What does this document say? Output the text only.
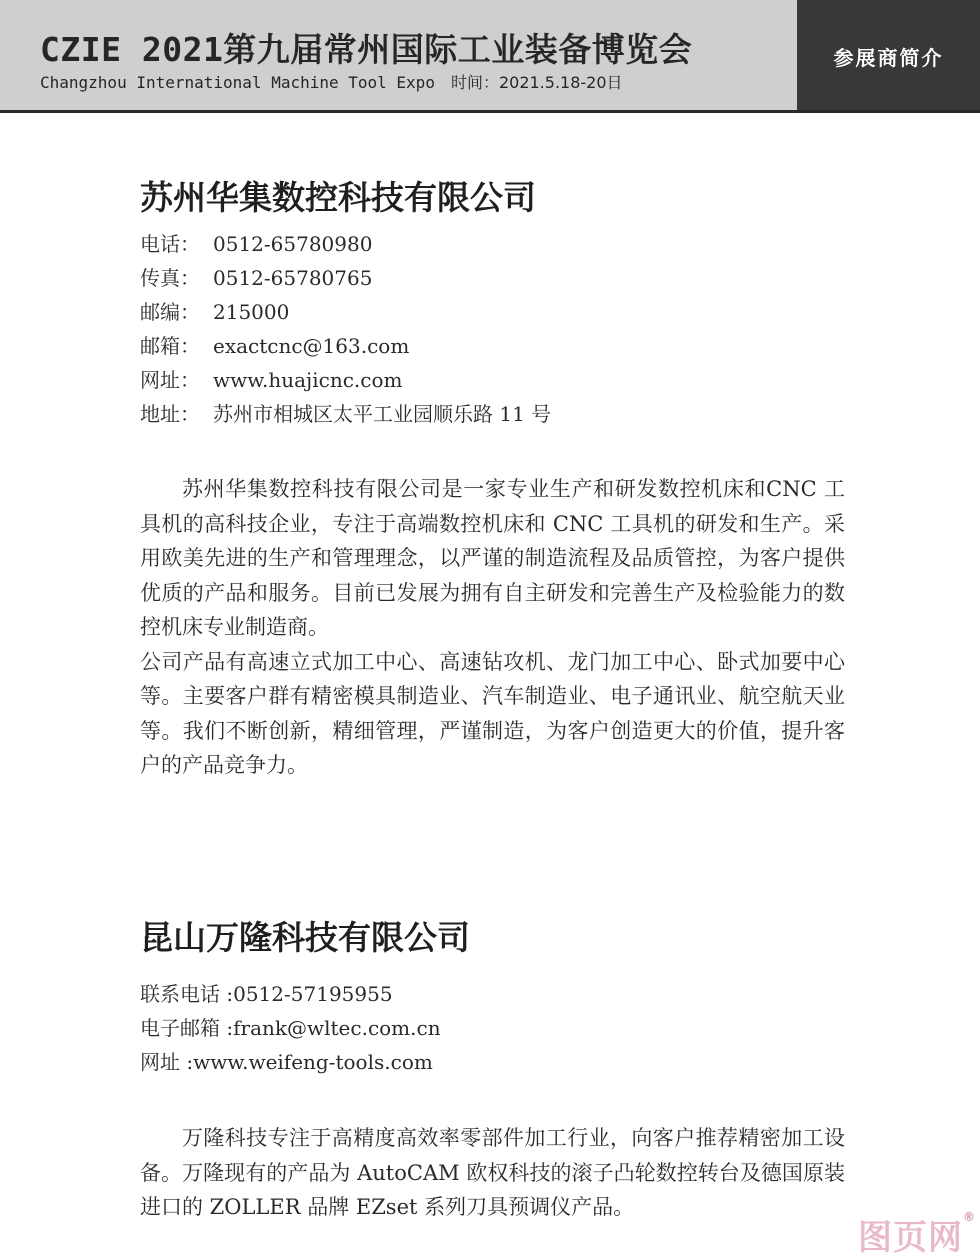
CZIE 2021第九届常州国际工业装备博览会
Changzhou International Machine Tool Expo 时间：2021.5.18-20日
参展商简介
苏州华集数控科技有限公司
电话： 0512-65780980
传真： 0512-65780765
邮编： 215000
邮箱： exactcnc@163.com
网址： www.huajicnc.com
地址： 苏州市相城区太平工业园顺乐路 11 号

苏州华集数控科技有限公司是一家专业生产和研发数控机床和CNC 工具机的高科技企业，专注于高端数控机床和 CNC 工具机的研发和生产。采用欧美先进的生产和管理理念，以严谨的制造流程及品质管控，为客户提供优质的产品和服务。目前已发展为拥有自主研发和完善生产及检验能力的数控机床专业制造商。

公司产品有高速立式加工中心、高速钻攻机、龙门加工中心、卧式加要中心等。主要客户群有精密模具制造业、汽车制造业、电子通讯业、航空航天业等。我们不断创新，精细管理，严谨制造，为客户创造更大的价值，提升客户的产品竞争力。

昆山万隆科技有限公司
联系电话 :0512-57195955
电子邮箱 :frank@wltec.com.cn
网址 :www.weifeng-tools.com

万隆科技专注于高精度高效率零部件加工行业，向客户推荐精密加工设备。万隆现有的产品为 AutoCAM 欧权科技的滚子凸轮数控转台及德国原装进口的 ZOLLER 品牌 EZset 系列刀具预调仪产品。

图页网®
